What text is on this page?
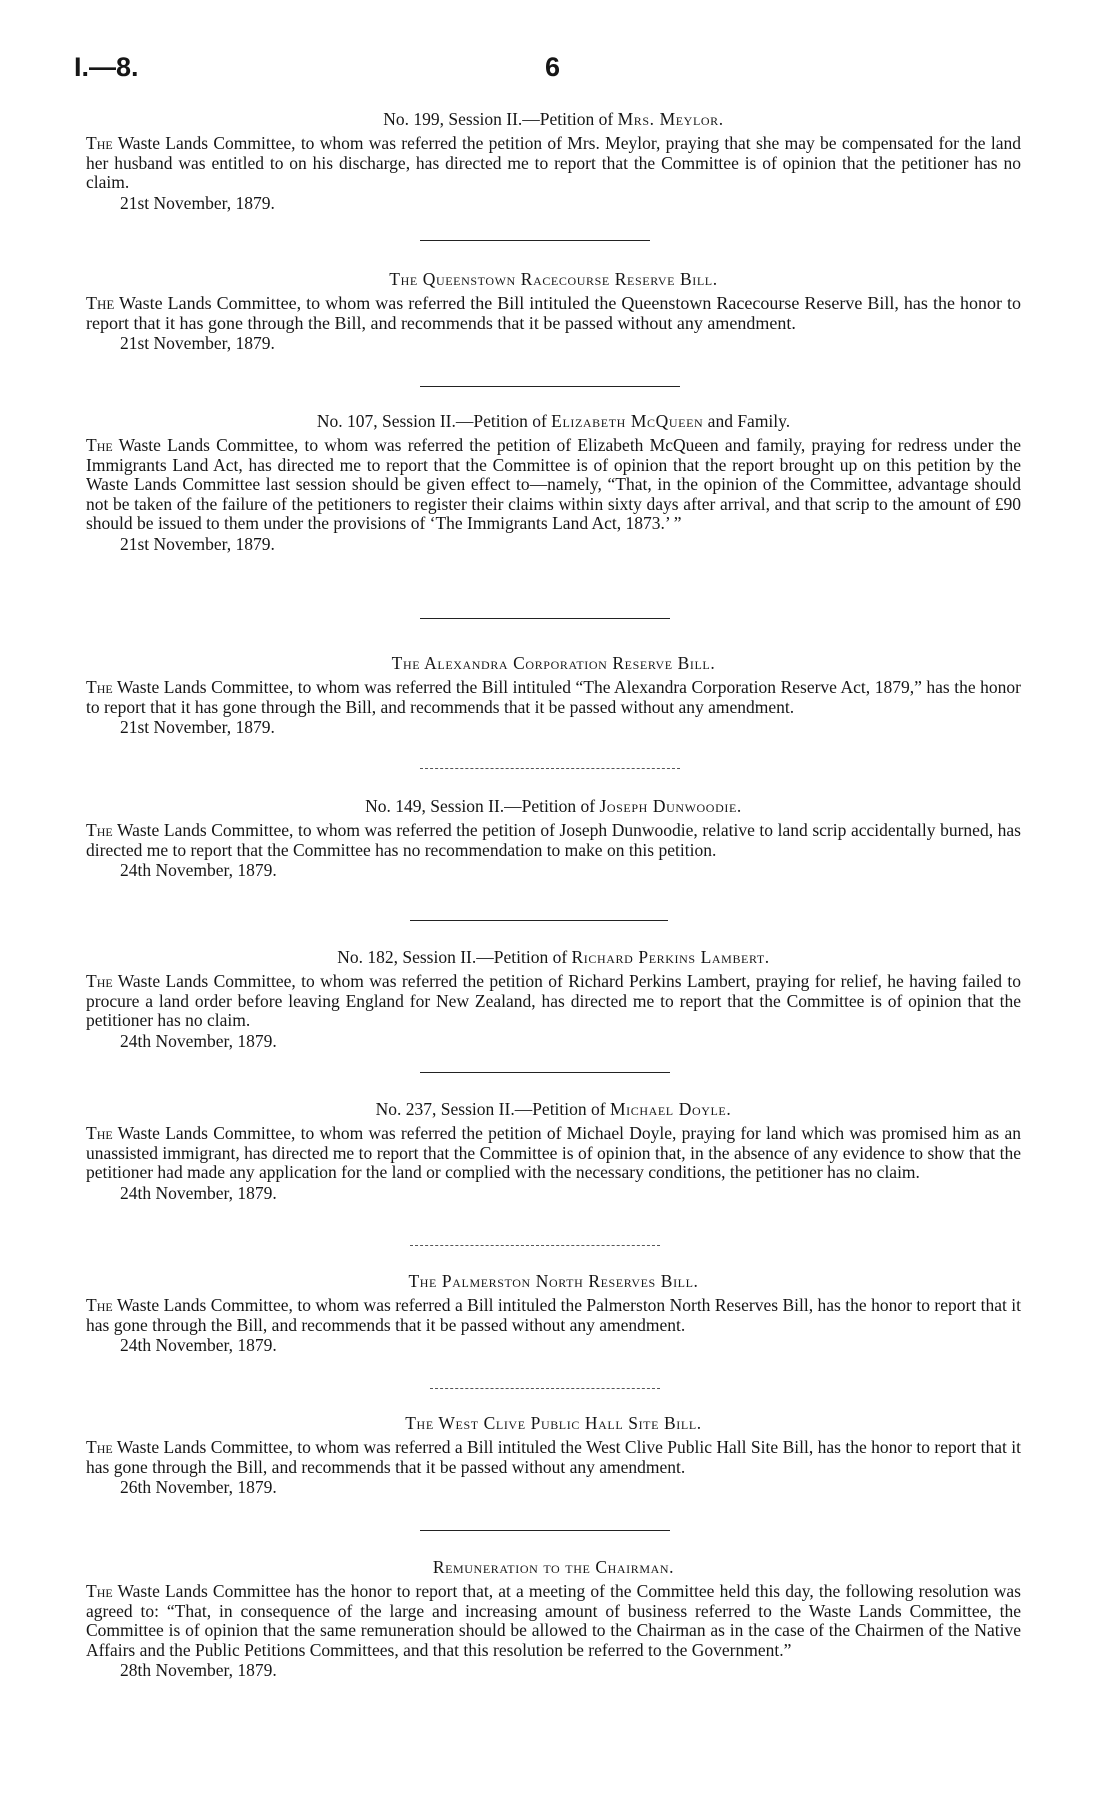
I.—8.	6
No. 199, Session II.—Petition of Mrs. Meylor.
The Waste Lands Committee, to whom was referred the petition of Mrs. Meylor, praying that she may be compensated for the land her husband was entitled to on his discharge, has directed me to report that the Committee is of opinion that the petitioner has no claim.
21st November, 1879.
The Queenstown Racecourse Reserve Bill.
The Waste Lands Committee, to whom was referred the Bill intituled the Queenstown Racecourse Reserve Bill, has the honor to report that it has gone through the Bill, and recommends that it be passed without any amendment.
21st November, 1879.
No. 107, Session II.—Petition of Elizabeth McQueen and Family.
The Waste Lands Committee, to whom was referred the petition of Elizabeth McQueen and family, praying for redress under the Immigrants Land Act, has directed me to report that the Committee is of opinion that the report brought up on this petition by the Waste Lands Committee last session should be given effect to—namely, “That, in the opinion of the Committee, advantage should not be taken of the failure of the petitioners to register their claims within sixty days after arrival, and that scrip to the amount of £90 should be issued to them under the provisions of ‘The Immigrants Land Act, 1873.’ ”
21st November, 1879.
The Alexandra Corporation Reserve Bill.
The Waste Lands Committee, to whom was referred the Bill intituled “The Alexandra Corporation Reserve Act, 1879,” has the honor to report that it has gone through the Bill, and recommends that it be passed without any amendment.
21st November, 1879.
No. 149, Session II.—Petition of Joseph Dunwoodie.
The Waste Lands Committee, to whom was referred the petition of Joseph Dunwoodie, relative to land scrip accidentally burned, has directed me to report that the Committee has no recommendation to make on this petition.
24th November, 1879.
No. 182, Session II.—Petition of Richard Perkins Lambert.
The Waste Lands Committee, to whom was referred the petition of Richard Perkins Lambert, praying for relief, he having failed to procure a land order before leaving England for New Zealand, has directed me to report that the Committee is of opinion that the petitioner has no claim.
24th November, 1879.
No. 237, Session II.—Petition of Michael Doyle.
The Waste Lands Committee, to whom was referred the petition of Michael Doyle, praying for land which was promised him as an unassisted immigrant, has directed me to report that the Committee is of opinion that, in the absence of any evidence to show that the petitioner had made any application for the land or complied with the necessary conditions, the petitioner has no claim.
24th November, 1879.
The Palmerston North Reserves Bill.
The Waste Lands Committee, to whom was referred a Bill intituled the Palmerston North Reserves Bill, has the honor to report that it has gone through the Bill, and recommends that it be passed without any amendment.
24th November, 1879.
The West Clive Public Hall Site Bill.
The Waste Lands Committee, to whom was referred a Bill intituled the West Clive Public Hall Site Bill, has the honor to report that it has gone through the Bill, and recommends that it be passed without any amendment.
26th November, 1879.
Remuneration to the Chairman.
The Waste Lands Committee has the honor to report that, at a meeting of the Committee held this day, the following resolution was agreed to: “That, in consequence of the large and increasing amount of business referred to the Waste Lands Committee, the Committee is of opinion that the same remuneration should be allowed to the Chairman as in the case of the Chairmen of the Native Affairs and the Public Petitions Committees, and that this resolution be referred to the Government.”
28th November, 1879.
